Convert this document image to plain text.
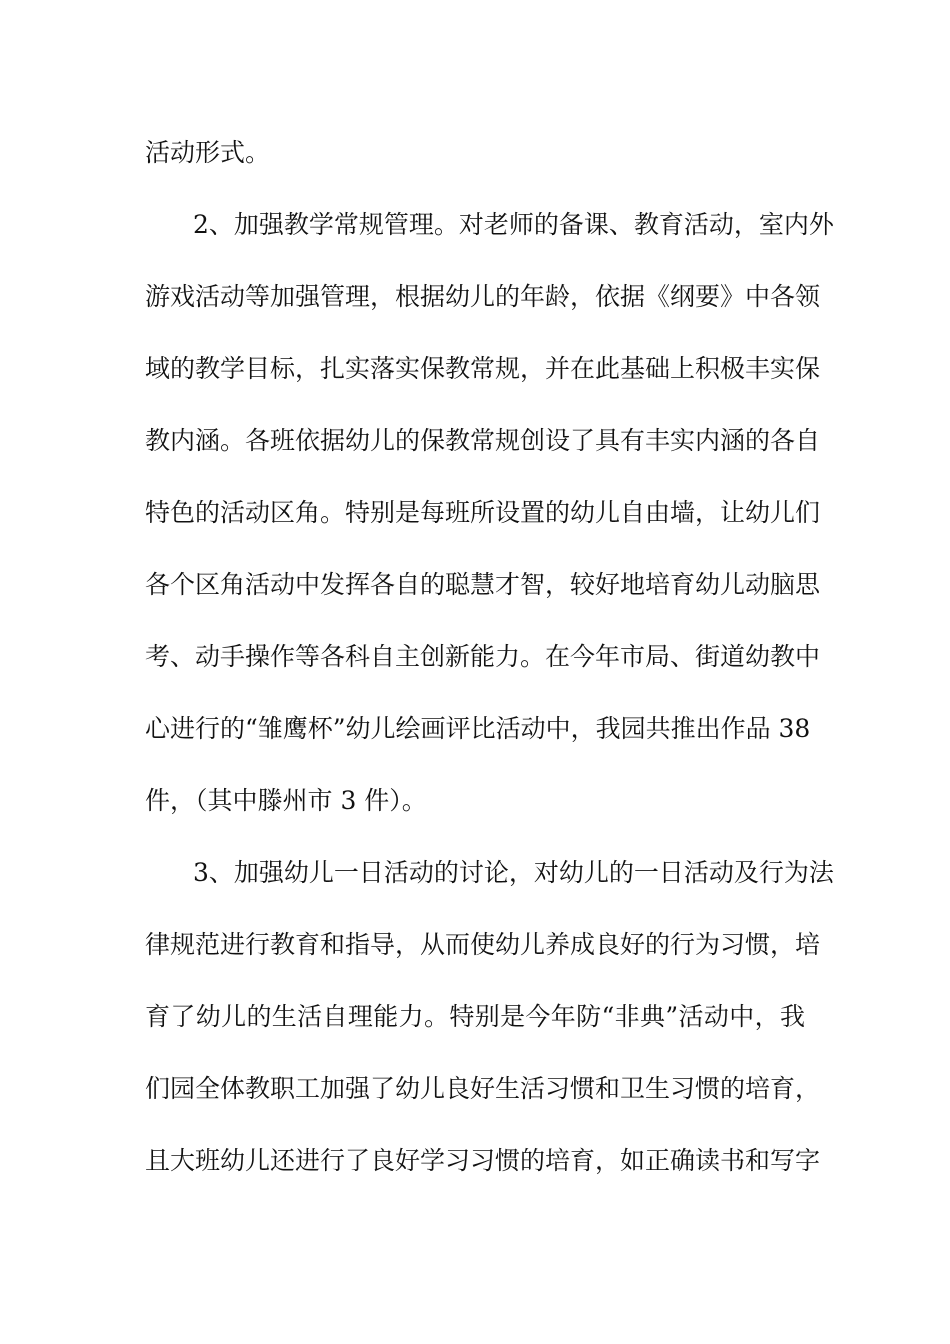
活动形式。
2、加强教学常规管理。对老师的备课、教育活动，室内外
游戏活动等加强管理，根据幼儿的年龄，依据《纲要》中各领
域的教学目标，扎实落实保教常规，并在此基础上积极丰实保
教内涵。各班依据幼儿的保教常规创设了具有丰实内涵的各自
特色的活动区角。特别是每班所设置的幼儿自由墙，让幼儿们
各个区角活动中发挥各自的聪慧才智，较好地培育幼儿动脑思
考、动手操作等各科自主创新能力。在今年市局、街道幼教中
心进行的“雏鹰杯”幼儿绘画评比活动中，我园共推出作品 38
件，（其中滕州市 3 件）。
3、加强幼儿一日活动的讨论，对幼儿的一日活动及行为法
律规范进行教育和指导，从而使幼儿养成良好的行为习惯，培
育了幼儿的生活自理能力。特别是今年防“非典”活动中，我
们园全体教职工加强了幼儿良好生活习惯和卫生习惯的培育，
且大班幼儿还进行了良好学习习惯的培育，如正确读书和写字
